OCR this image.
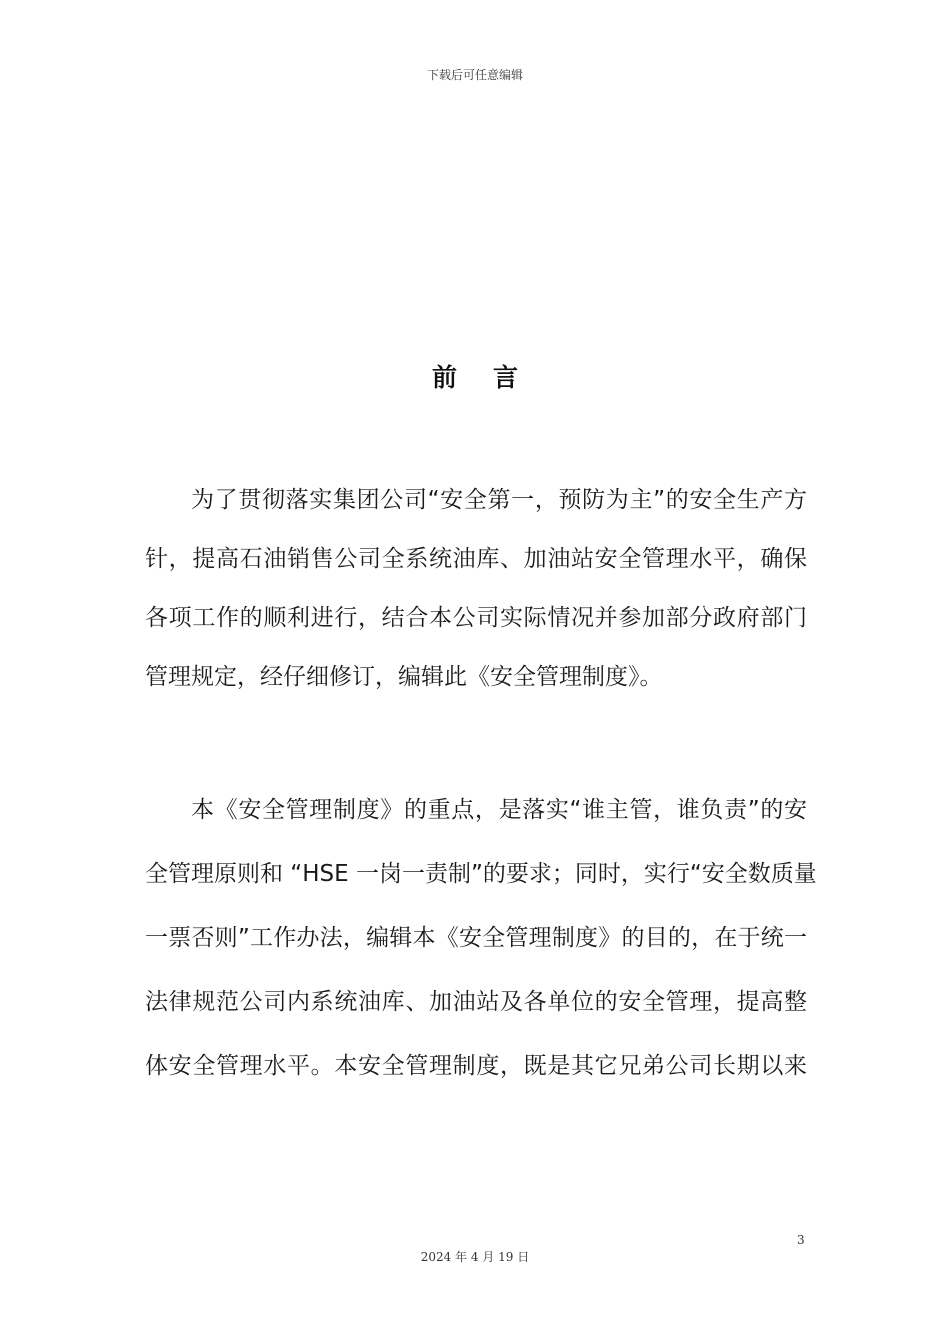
下载后可任意编辑
前言
为了贯彻落实集团公司“安全第一，预防为主”的安全生产方
针，提高石油销售公司全系统油库、加油站安全管理水平，确保
各项工作的顺利进行，结合本公司实际情况并参加部分政府部门
管理规定，经仔细修订，编辑此《安全管理制度》。
本《安全管理制度》的重点，是落实“谁主管，谁负责”的安
全管理原则和 “HSE 一岗一责制”的要求；同时，实行“安全数质量
一票否则”工作办法，编辑本《安全管理制度》的目的，在于统一
法律规范公司内系统油库、加油站及各单位的安全管理，提高整
体安全管理水平。本安全管理制度，既是其它兄弟公司长期以来
3
2024 年 4 月 19 日
